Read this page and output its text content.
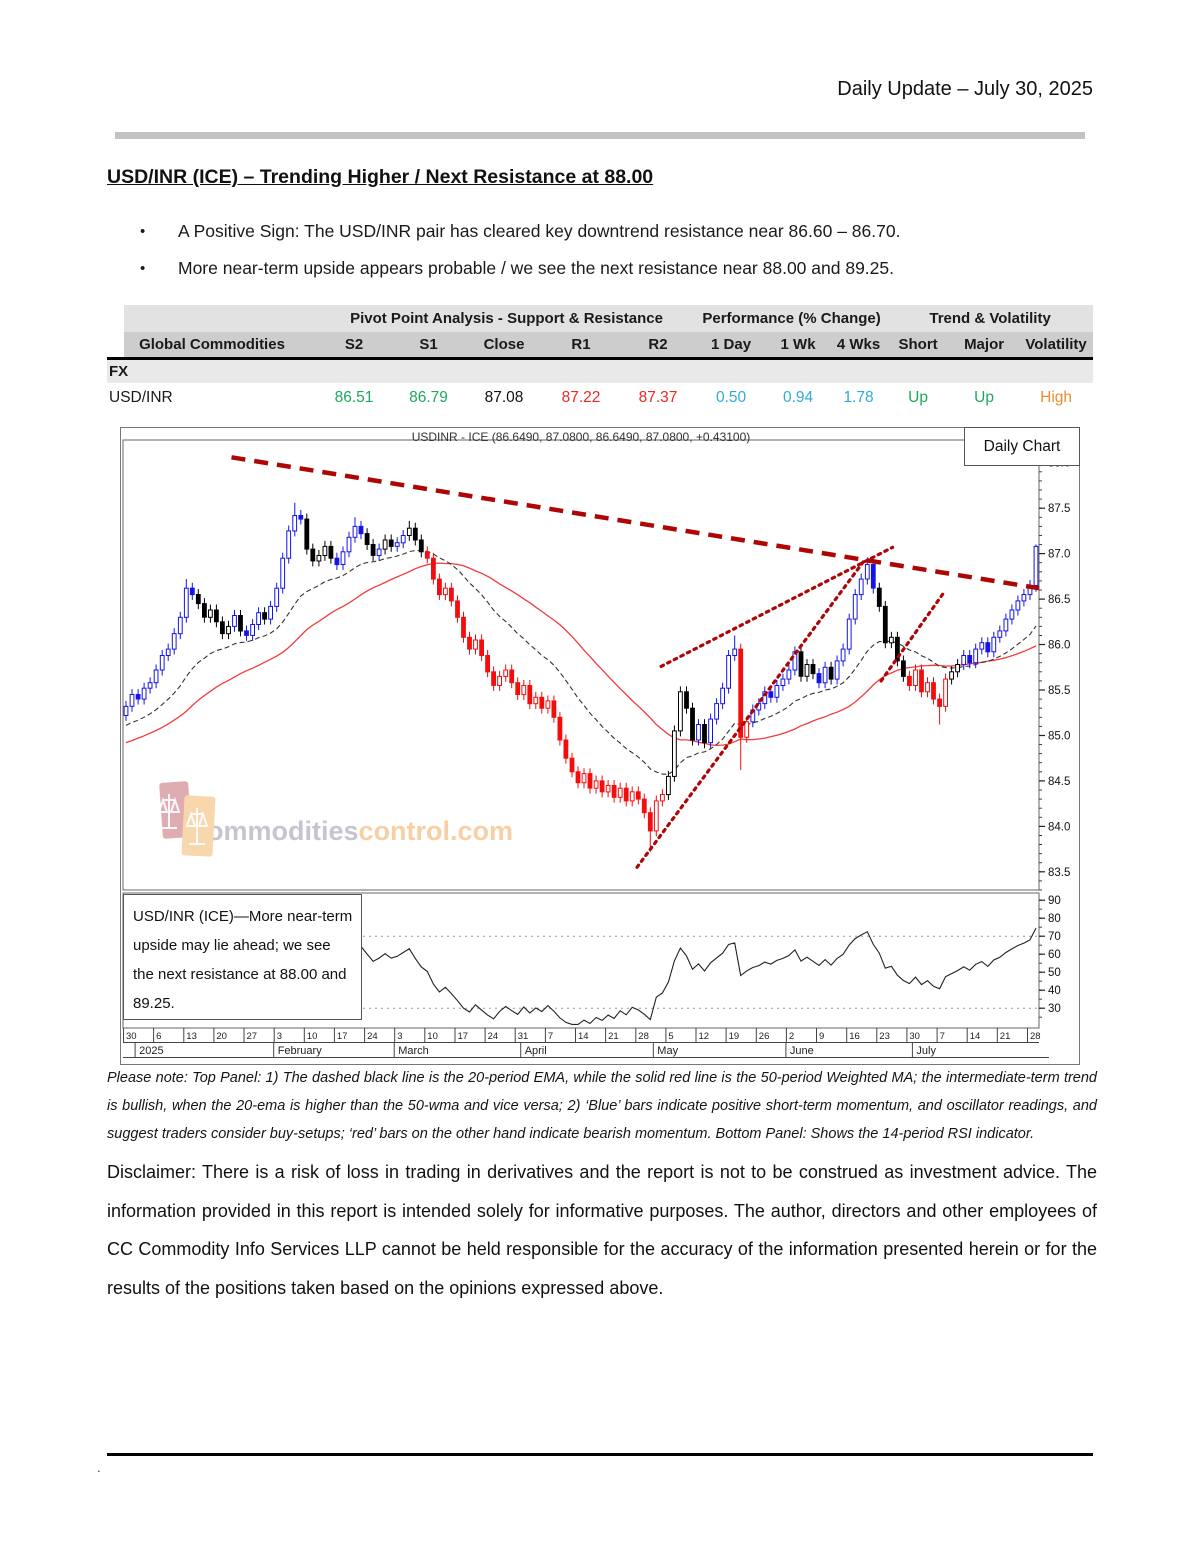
Daily Update – July 30, 2025
USD/INR (ICE) – Trending Higher / Next Resistance at 88.00
•	A Positive Sign: The USD/INR pair has cleared key downtrend resistance near 86.60 – 86.70.
•	More near-term upside appears probable / we see the next resistance near 88.00 and 89.25.
	Pivot Point Analysis - Support & Resistance					Performance (% Change)			Trend & Volatility		
Global Commodities	S2	S1	Close	R1	R2	1 Day	1 Wk	4 Wks	Short	Major	Volatility
FX											
USD/INR	86.51	86.79	87.08	87.22	87.37	0.50	0.94	1.78	Up	Up	High
commoditiescontrol.com
87.5
87.0
86.5
86.0
85.5
85.0
84.5
84.0
83.5
90
80
70
60
50
40
30
30 6	13 20 27 3	10 17 24 3	10 17 24 31 7	14 21 28 5	12 19 26 2	9	16 23 30 7	14 21 28
2025	February	March	April	May	June	July
USDINR - ICE (86.6490, 87.0800, 86.6490, 87.0800, +0.43100)
Daily Chart
USD/INR (ICE)—More near-term upside may lie ahead; we see the next resistance at 88.00 and 89.25.

Please note: Top Panel: 1) The dashed black line is the 20-period EMA, while the solid red line is the 50-period Weighted MA; the intermediate-term trend is bullish, when the 20-ema is higher than the 50-wma and vice versa; 2) ‘Blue’ bars indicate positive short-term momentum, and oscillator readings, and suggest traders consider buy-setups; ‘red’ bars on the other hand indicate bearish momentum. Bottom Panel: Shows the 14-period RSI indicator.

Disclaimer: There is a risk of loss in trading in derivatives and the report is not to be construed as investment advice. The information provided in this report is intended solely for informative purposes. The author, directors and other employees of CC Commodity Info Services LLP cannot be held responsible for the accuracy of the information presented herein or for the results of the positions taken based on the opinions expressed above.

.
